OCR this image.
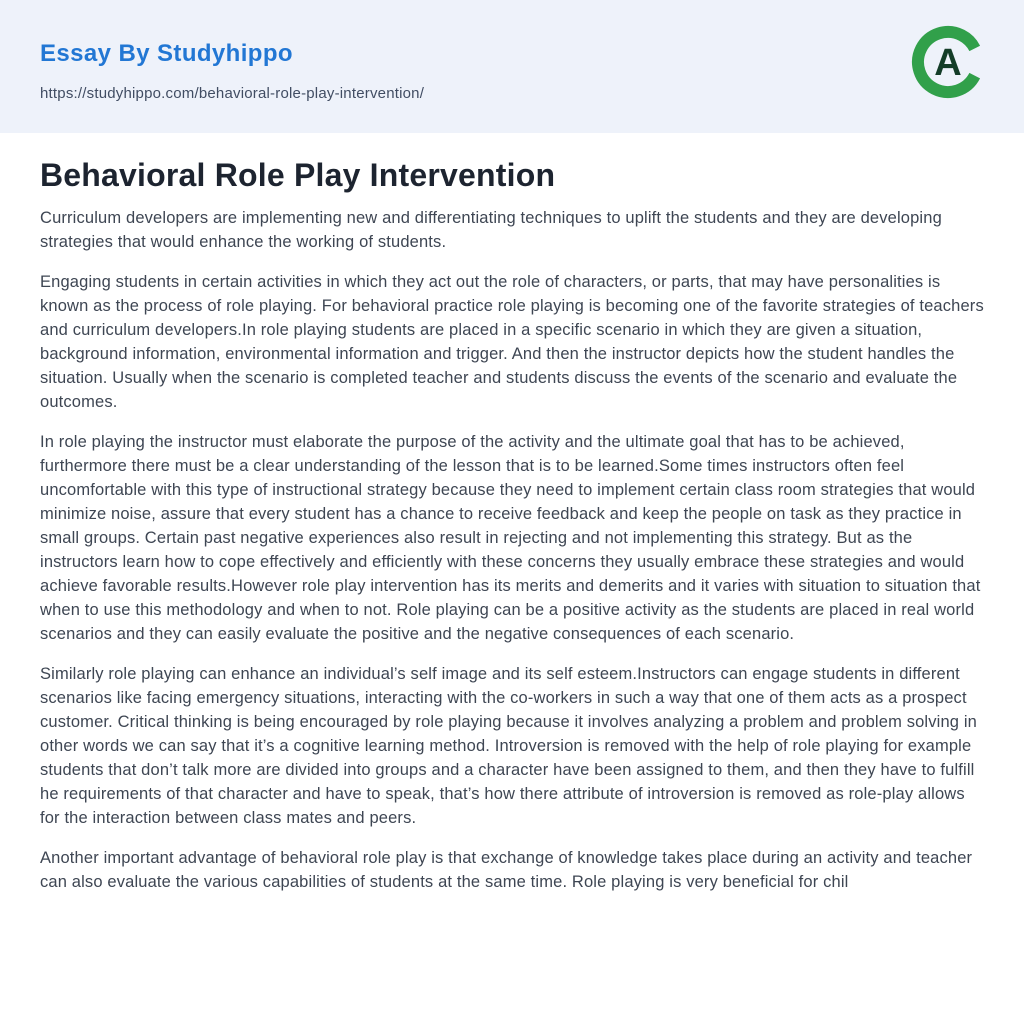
Essay By Studyhippo
https://studyhippo.com/behavioral-role-play-intervention/
A
Behavioral Role Play Intervention

Curriculum developers are implementing new and differentiating techniques to uplift the students and they are developing strategies that would enhance the working of students.

Engaging students in certain activities in which they act out the role of characters, or parts, that may have personalities is known as the process of role playing. For behavioral practice role playing is becoming one of the favorite strategies of teachers and curriculum developers.In role playing students are placed in a specific scenario in which they are given a situation, background information, environmental information and trigger. And then the instructor depicts how the student handles the situation. Usually when the scenario is completed teacher and students discuss the events of the scenario and evaluate the outcomes.

In role playing the instructor must elaborate the purpose of the activity and the ultimate goal that has to be achieved, furthermore there must be a clear understanding of the lesson that is to be learned.Some times instructors often feel uncomfortable with this type of instructional strategy because they need to implement certain class room strategies that would minimize noise, assure that every student has a chance to receive feedback and keep the people on task as they practice in small groups. Certain past negative experiences also result in rejecting and not implementing this strategy. But as the instructors learn how to cope effectively and efficiently with these concerns they usually embrace these strategies and would achieve favorable results.However role play intervention has its merits and demerits and it varies with situation to situation that when to use this methodology and when to not. Role playing can be a positive activity as the students are placed in real world scenarios and they can easily evaluate the positive and the negative consequences of each scenario.

Similarly role playing can enhance an individual’s self image and its self esteem.Instructors can engage students in different scenarios like facing emergency situations, interacting with the co-workers in such a way that one of them acts as a prospect customer. Critical thinking is being encouraged by role playing because it involves analyzing a problem and problem solving in other words we can say that it’s a cognitive learning method. Introversion is removed with the help of role playing for example students that don’t talk more are divided into groups and a character have been assigned to them, and then they have to fulfill he requirements of that character and have to speak, that’s how there attribute of introversion is removed as role-play allows for the interaction between class mates and peers.

Another important advantage of behavioral role play is that exchange of knowledge takes place during an activity and teacher can also evaluate the various capabilities of students at the same time. Role playing is very beneficial for chil
